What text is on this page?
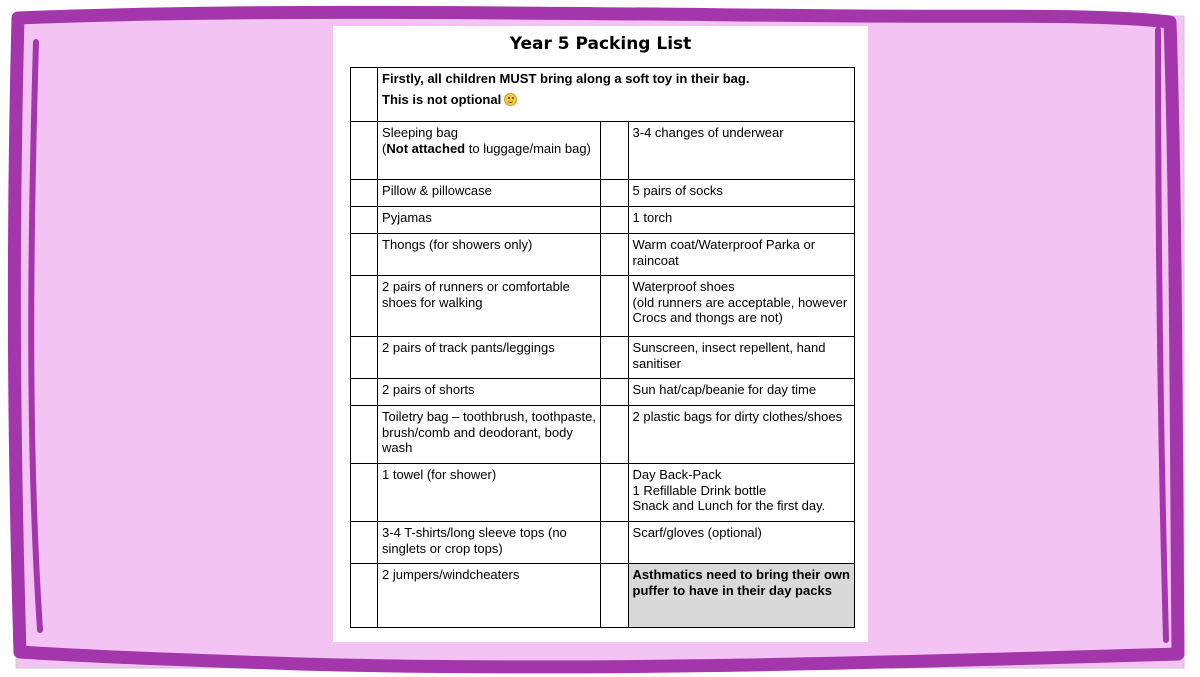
Year 5 Packing List

	Firstly, all children MUST bring along a soft toy in their bag.
This is not optional		

	Sleeping bag
(Not attached to luggage/main bag)		3-4 changes of underwear

	Pillow & pillowcase		5 pairs of socks

	Pyjamas		1 torch

	Thongs (for showers only)		Warm coat/Waterproof Parka or raincoat

	2 pairs of runners or comfortable shoes for walking		Waterproof shoes
(old runners are acceptable, however Crocs and thongs are not)

	2 pairs of track pants/leggings		Sunscreen, insect repellent, hand sanitiser

	2 pairs of shorts		Sun hat/cap/beanie for day time

	Toiletry bag – toothbrush, toothpaste, brush/comb and deodorant, body wash		2 plastic bags for dirty clothes/shoes

	1 towel (for shower)		Day Back-Pack
1 Refillable Drink bottle
Snack and Lunch for the first day.

	3-4 T-shirts/long sleeve tops (no singlets or crop tops)		Scarf/gloves (optional)

	2 jumpers/windcheaters		Asthmatics need to bring their own puffer to have in their day packs
